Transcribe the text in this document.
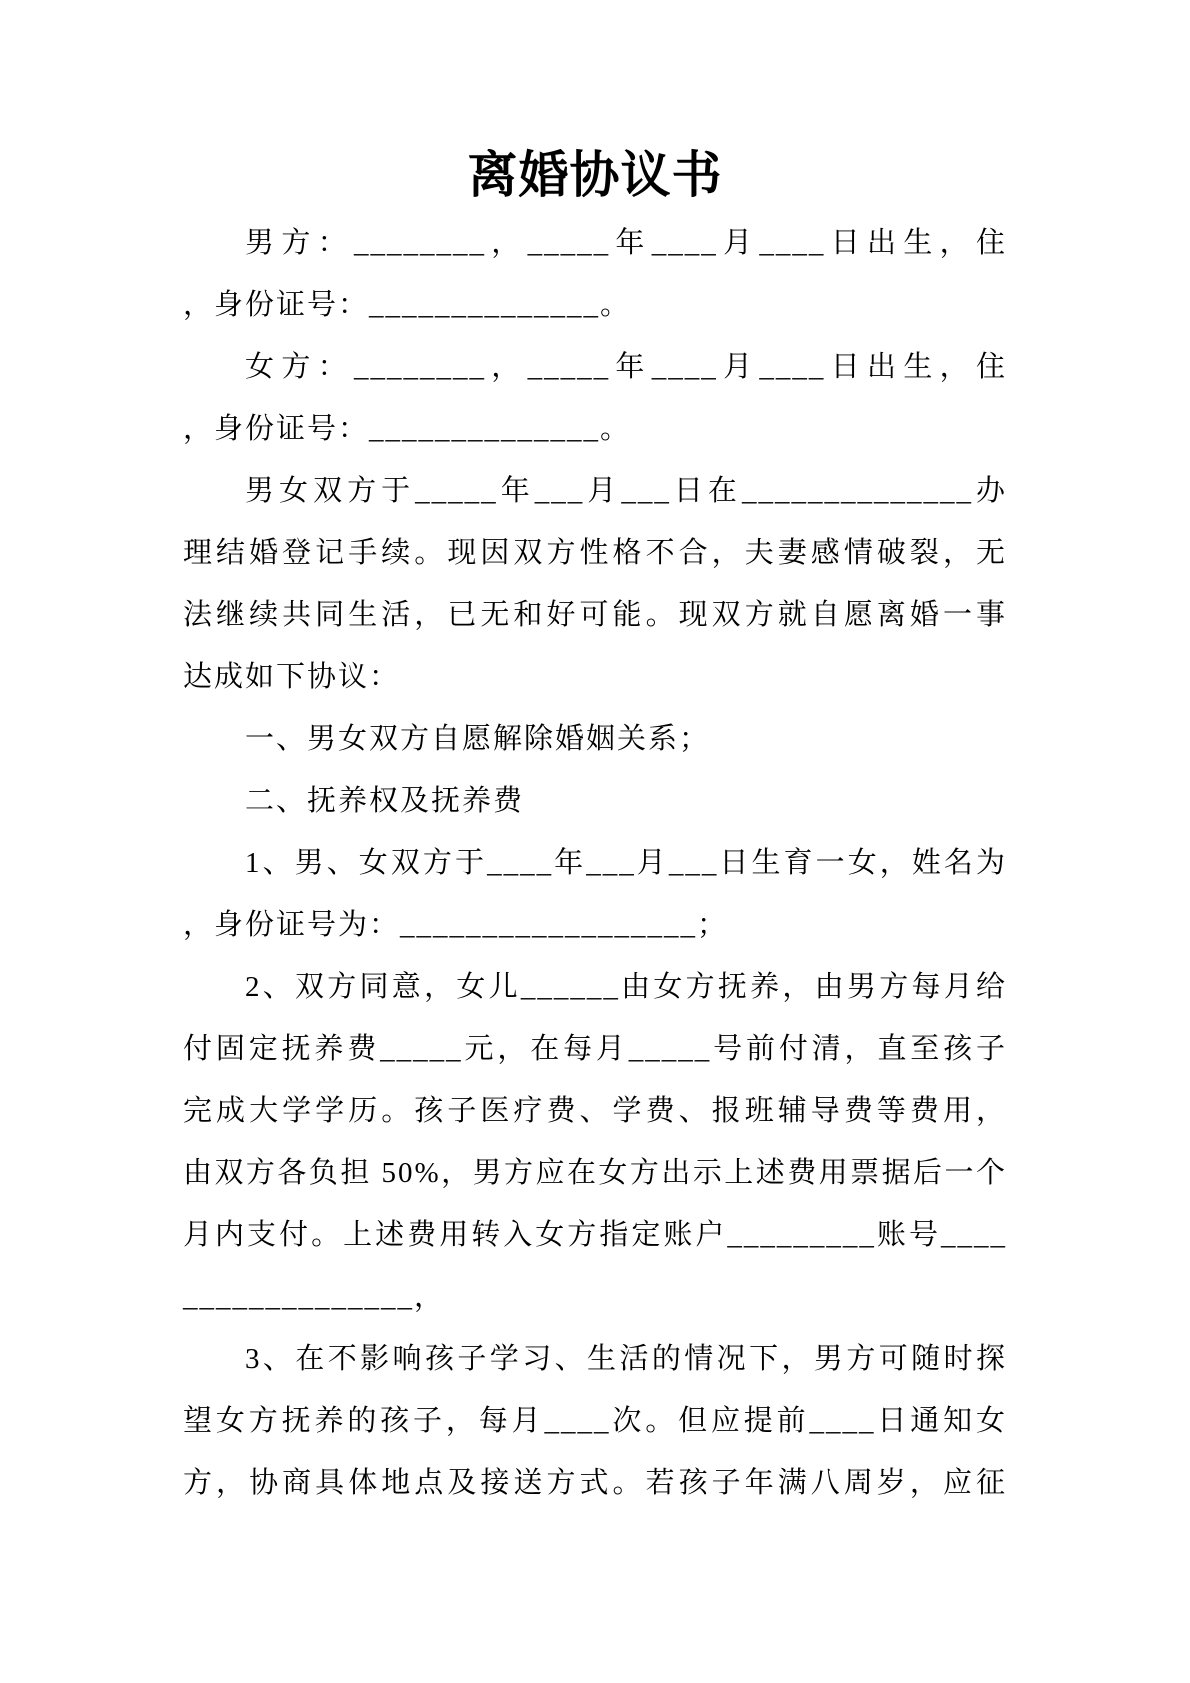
离婚协议书
男方：________，_____年____月____日出生，住
，身份证号：______________。
女方：________，_____年____月____日出生，住
，身份证号：______________。
男女双方于_____年___月___日在______________办
理结婚登记手续。现因双方性格不合，夫妻感情破裂，无
法继续共同生活，已无和好可能。现双方就自愿离婚一事
达成如下协议：
一、男女双方自愿解除婚姻关系；
二、抚养权及抚养费
1、男、女双方于____年___月___日生育一女，姓名为
，身份证号为：__________________；
2、双方同意，女儿______由女方抚养，由男方每月给
付固定抚养费_____元，在每月_____号前付清，直至孩子
完成大学学历。孩子医疗费、学费、报班辅导费等费用，
由双方各负担 50%，男方应在女方出示上述费用票据后一个
月内支付。上述费用转入女方指定账户_________账号____
______________，
3、在不影响孩子学习、生活的情况下，男方可随时探
望女方抚养的孩子，每月____次。但应提前____日通知女
方，协商具体地点及接送方式。若孩子年满八周岁，应征
